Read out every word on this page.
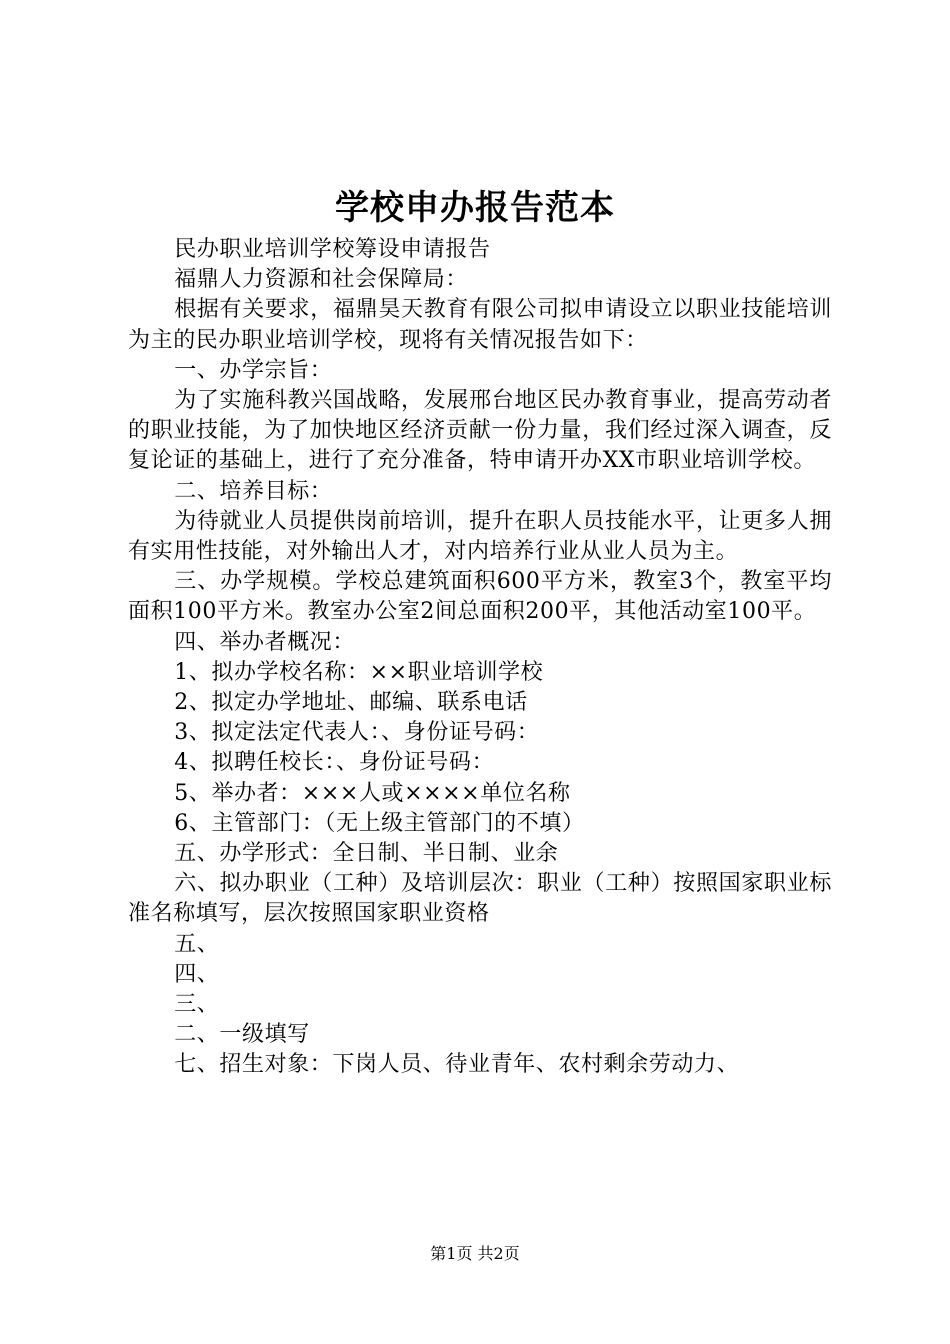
学校申办报告范本

民办职业培训学校筹设申请报告

福鼎人力资源和社会保障局：

根据有关要求，福鼎昊天教育有限公司拟申请设立以职业技能培训为主的民办职业培训学校，现将有关情况报告如下：

一、办学宗旨：

为了实施科教兴国战略，发展邢台地区民办教育事业，提高劳动者的职业技能，为了加快地区经济贡献一份力量，我们经过深入调查，反复论证的基础上，进行了充分准备，特申请开办XX市职业培训学校。

二、培养目标：

为待就业人员提供岗前培训，提升在职人员技能水平，让更多人拥有实用性技能，对外输出人才，对内培养行业从业人员为主。

三、办学规模。学校总建筑面积600平方米，教室3个，教室平均面积100平方米。教室办公室2间总面积200平，其他活动室100平。

四、举办者概况：

1、拟办学校名称：××职业培训学校

2、拟定办学地址、邮编、联系电话

3、拟定法定代表人：、身份证号码：

4、拟聘任校长：、身份证号码：

5、举办者：×××人或××××单位名称

6、主管部门：（无上级主管部门的不填）

五、办学形式：全日制、半日制、业余

六、拟办职业（工种）及培训层次：职业（工种）按照国家职业标准名称填写，层次按照国家职业资格

五、

四、

三、

二、一级填写

七、招生对象：下岗人员、待业青年、农村剩余劳动力、

第1页 共2页
